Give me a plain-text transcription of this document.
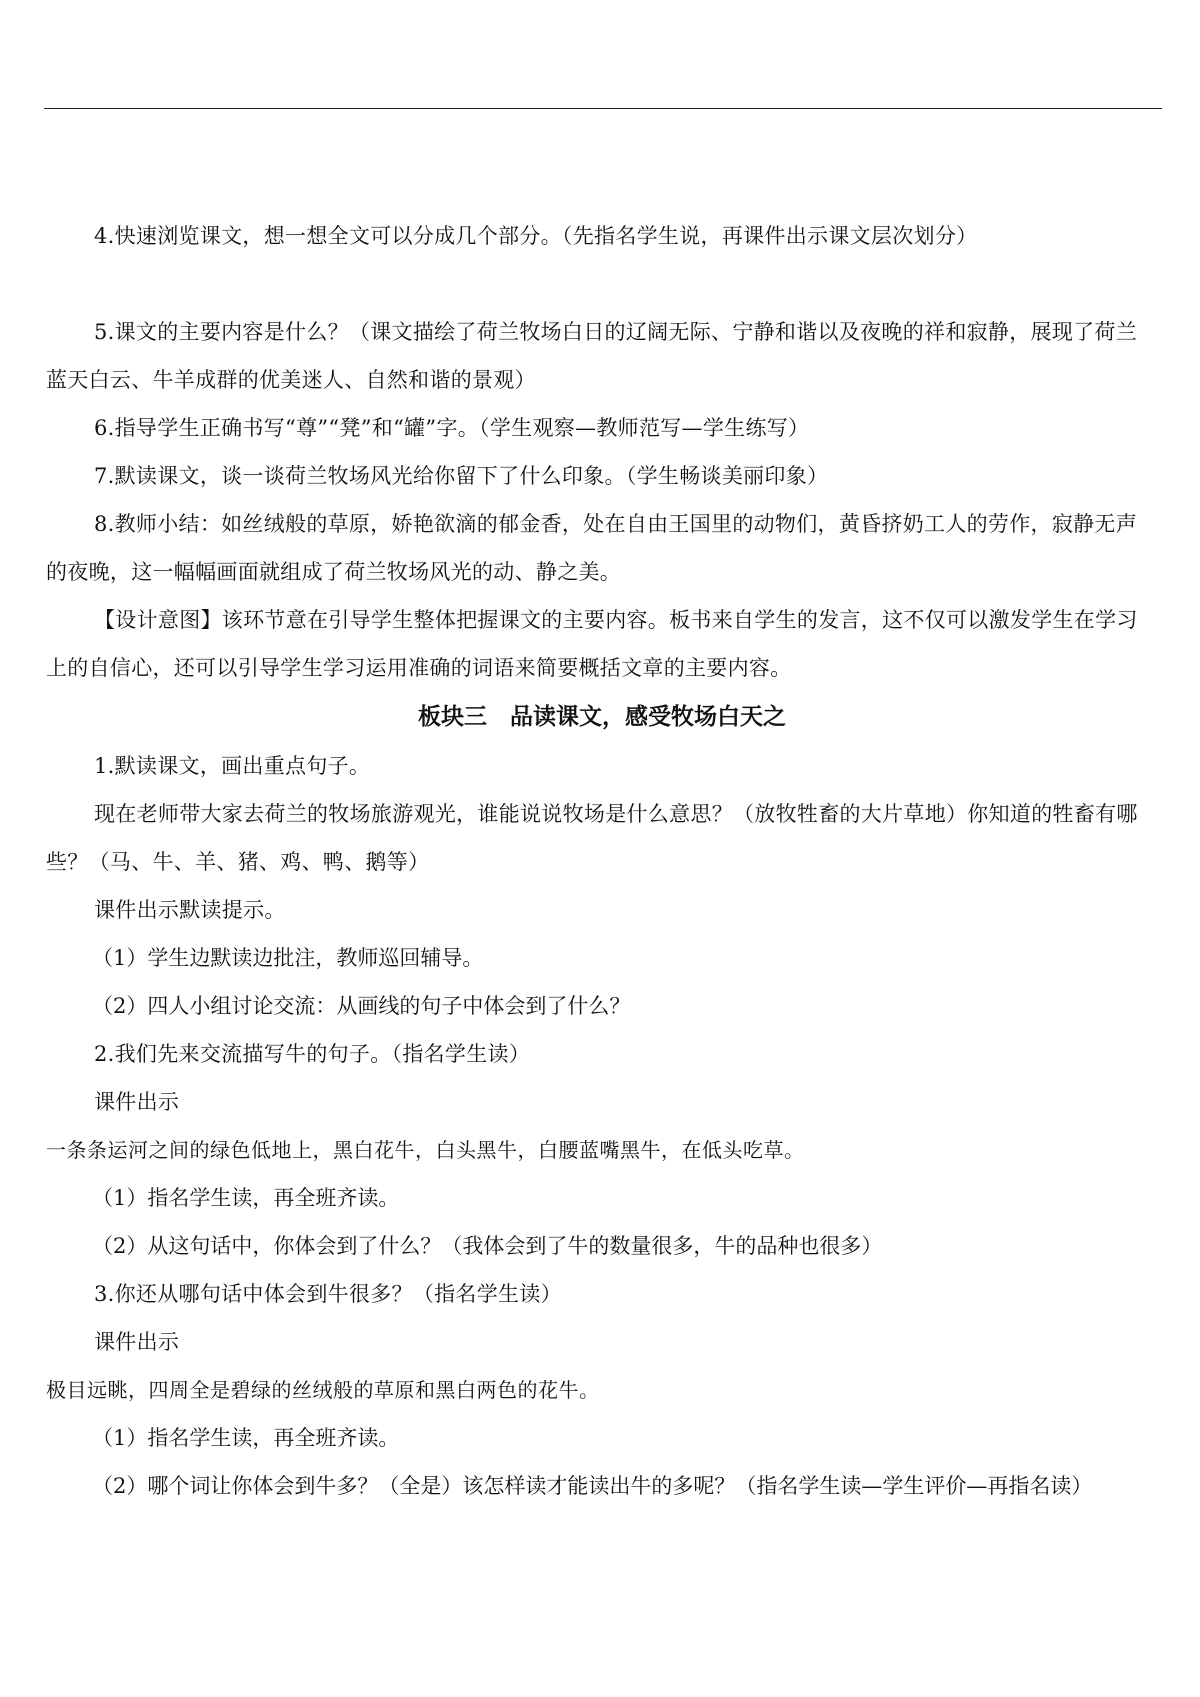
4.快速浏览课文，想一想全文可以分成几个部分。（先指名学生说，再课件出示课文层次划分）

5.课文的主要内容是什么？（课文描绘了荷兰牧场白日的辽阔无际、宁静和谐以及夜晚的祥和寂静，展现了荷兰蓝天白云、牛羊成群的优美迷人、自然和谐的景观）

6.指导学生正确书写“尊”“凳”和“罐”字。（学生观察—教师范写—学生练写）

7.默读课文，谈一谈荷兰牧场风光给你留下了什么印象。（学生畅谈美丽印象）

8.教师小结：如丝绒般的草原，娇艳欲滴的郁金香，处在自由王国里的动物们，黄昏挤奶工人的劳作，寂静无声的夜晚，这一幅幅画面就组成了荷兰牧场风光的动、静之美。

【设计意图】该环节意在引导学生整体把握课文的主要内容。板书来自学生的发言，这不仅可以激发学生在学习上的自信心，还可以引导学生学习运用准确的词语来简要概括文章的主要内容。

板块三　品读课文，感受牧场白天之

1.默读课文，画出重点句子。

现在老师带大家去荷兰的牧场旅游观光，谁能说说牧场是什么意思？（放牧牲畜的大片草地）你知道的牲畜有哪些？（马、牛、羊、猪、鸡、鸭、鹅等）

课件出示默读提示。

（1）学生边默读边批注，教师巡回辅导。

（2）四人小组讨论交流：从画线的句子中体会到了什么？

2.我们先来交流描写牛的句子。（指名学生读）

课件出示

一条条运河之间的绿色低地上，黑白花牛，白头黑牛，白腰蓝嘴黑牛，在低头吃草。

（1）指名学生读，再全班齐读。

（2）从这句话中，你体会到了什么？（我体会到了牛的数量很多，牛的品种也很多）

3.你还从哪句话中体会到牛很多？（指名学生读）

课件出示

极目远眺，四周全是碧绿的丝绒般的草原和黑白两色的花牛。

（1）指名学生读，再全班齐读。

（2）哪个词让你体会到牛多？（全是）该怎样读才能读出牛的多呢？（指名学生读—学生评价—再指名读）
